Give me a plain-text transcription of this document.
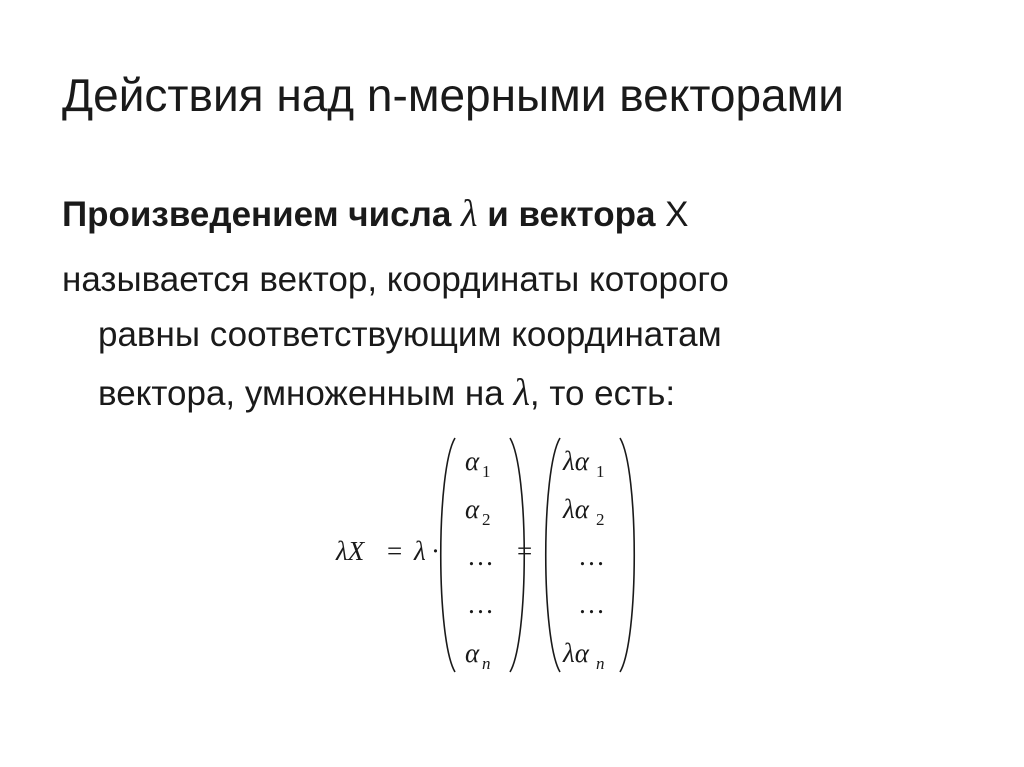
Действия над n-мерными векторами
Произведением числа λ и вектора X
называется вектор, координаты которого
равны соответствующим координатам
вектора, умноженным на λ, то есть:
λX = λ ·
α 1
α 2
…
…
α n
=
λα 1
λα 2
…
…
λα n
